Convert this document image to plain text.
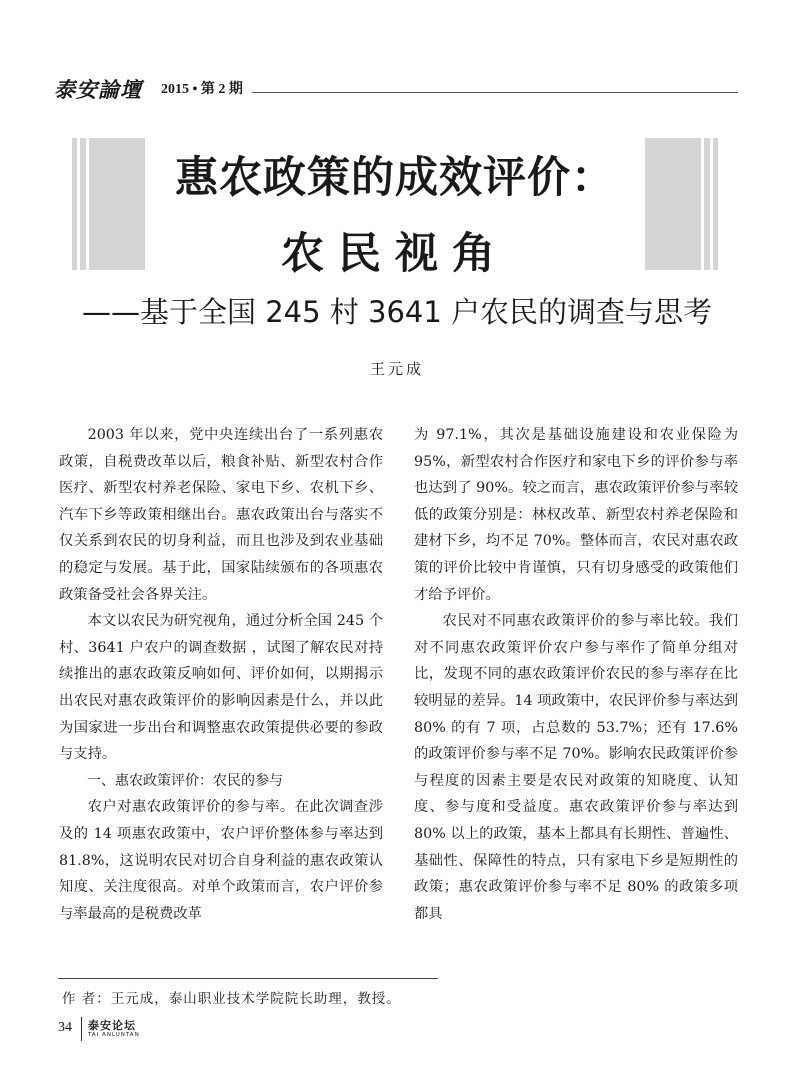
泰安論壇 2015 • 第 2 期
惠农政策的成效评价：
农民视角
——基于全国 245 村 3641 户农民的调查与思考
王元成

2003 年以来，党中央连续出台了一系列惠农政策，自税费改革以后，粮食补贴、新型农村合作医疗、新型农村养老保险、家电下乡、农机下乡、汽车下乡等政策相继出台。惠农政策出台与落实不仅关系到农民的切身利益，而且也涉及到农业基础的稳定与发展。基于此，国家陆续颁布的各项惠农政策备受社会各界关注。

本文以农民为研究视角，通过分析全国 245 个村、3641 户农户的调查数据 ，试图了解农民对持续推出的惠农政策反响如何、评价如何，以期揭示出农民对惠农政策评价的影响因素是什么，并以此为国家进一步出台和调整惠农政策提供必要的参政与支持。

一、惠农政策评价：农民的参与

农户对惠农政策评价的参与率。在此次调查涉及的 14 项惠农政策中，农户评价整体参与率达到 81.8%，这说明农民对切合自身利益的惠农政策认知度、关注度很高。对单个政策而言，农户评价参与率最高的是税费改革

为 97.1%，其次是基础设施建设和农业保险为 95%，新型农村合作医疗和家电下乡的评价参与率也达到了 90%。较之而言，惠农政策评价参与率较低的政策分别是：林权改革、新型农村养老保险和建材下乡，均不足 70%。整体而言，农民对惠农政策的评价比较中肯谨慎，只有切身感受的政策他们才给予评价。

农民对不同惠农政策评价的参与率比较。我们对不同惠农政策评价农户参与率作了简单分组对比，发现不同的惠农政策评价农民的参与率存在比较明显的差异。14 项政策中，农民评价参与率达到 80% 的有 7 项，占总数的 53.7%；还有 17.6% 的政策评价参与率不足 70%。影响农民政策评价参与程度的因素主要是农民对政策的知晓度、认知度、参与度和受益度。惠农政策评价参与率达到 80% 以上的政策，基本上都具有长期性、普遍性、基础性、保障性的特点，只有家电下乡是短期性的政策；惠农政策评价参与率不足 80% 的政策多项都具

作 者：王元成，泰山职业技术学院院长助理，教授。
34 泰安论坛
TAI ANLUNTAN
